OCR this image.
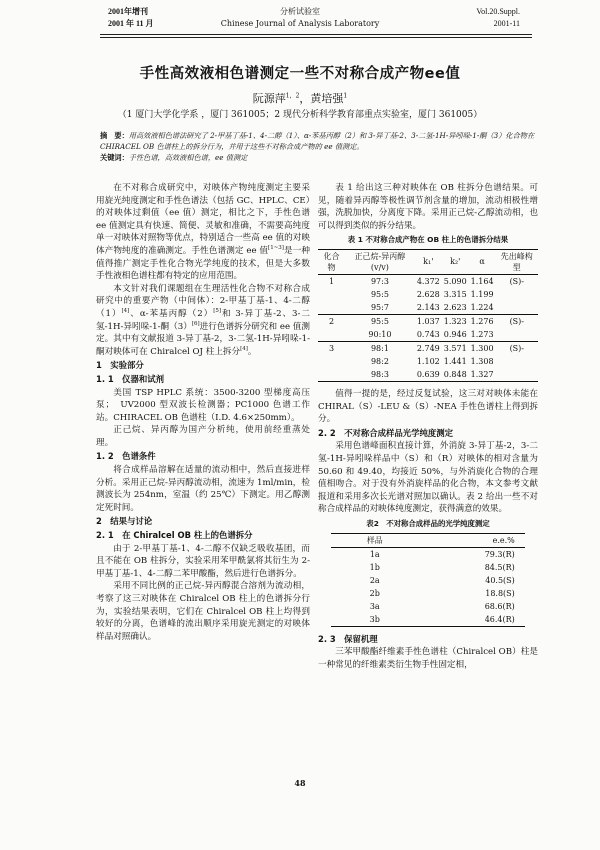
2001年增刊
2001 年 11 月
分析试验室
Chinese Journal of Analysis Laboratory
Vol.20.Suppl.
2001-11
手性高效液相色谱测定一些不对称合成产物ee值
阮源萍$^{1,2}$，黄培强$^1$
（1 厦门大学化学系 ，厦门 361005；2 现代分析科学教育部重点实验室，厦门 361005）
摘　要：用高效液相色谱法研究了 2-甲基丁基-1、4-二醇（1）、α-苯基丙醇（2）和 3-异丁基-2、3-二氢-1H-异吲哚-1-酮（3）化合物在 CHIRACEL OB 色谱柱上的拆分行为，并用于这些不对称合成产物的 ee 值测定。
关键词：手性色谱，高效液相色谱，ee 值测定

在不对称合成研究中，对映体产物纯度测定主要采用旋光纯度测定和手性色谱法（包括 GC、HPLC、CE）的对映体过剩值（ee 值）测定，相比之下，手性色谱 ee 值测定具有快速、简便、灵敏和准确，不需要高纯度单一对映体对照物等优点，特别适合一些高 ee 值的对映体产物纯度的准确测定。手性色谱测定 ee 值[1~3]是一种值得推广测定手性化合物光学纯度的技术，但是大多数手性液相色谱柱都有特定的应用范围。

本文针对我们课题组在生理活性化合物不对称合成研究中的重要产物（中间体）：2-甲基丁基-1、4-二醇（1）[4]、α-苯基丙醇（2）[5]和 3-异丁基-2、3-二氢-1H-异吲哚-1-酮（3）[6]进行色谱拆分研究和 ee 值测定。其中有文献报道 3-异丁基-2，3-二氢-1H-异吲哚-1-酮对映体可在 Chiralcel OJ 柱上拆分[4]。

1　实验部分

1. 1　仪器和试剂

美国 TSP HPLC 系统：3500-3200 型梯度高压泵；　UV2000 型双波长检测器；PC1000 色谱工作站。CHIRACEL OB 色谱柱（I.D. 4.6×250mm）。

正己烷、异丙醇为国产分析纯，使用前经重蒸处理。

1. 2　色谱条件

将合成样品溶解在适量的流动相中，然后直接进样分析。采用正己烷-异丙醇流动相，流速为 1ml/min，检测波长为 254nm，室温（约 25℃）下测定。用乙醇测定死时间。

2　结果与讨论

2. 1　在 Chiralcel OB 柱上的色谱拆分

由于 2-甲基丁基-1、4-二醇不仅缺乏吸收基团，而且不能在 OB 柱拆分，实验采用苯甲酰氯将其衍生为 2-甲基丁基-1、4-二醇二苯甲酸酯，然后进行色谱拆分。

采用不同比例的正己烷-异丙醇混合溶剂为流动相，考察了这三对映体在 Chiralcel OB 柱上的色谱拆分行为，实验结果表明，它们在 Chiralcel OB 柱上均得到较好的分离，色谱峰的流出顺序采用旋光测定的对映体样品对照确认。

表 1 给出这三种对映体在 OB 柱拆分色谱结果。可见，随着异丙醇等极性调节剂含量的增加，流动相极性增强，洗脱加快，分离度下降。采用正己烷-乙醇流动相，也可以得到类似的拆分结果。

表 1 不对称合成产物在 OB 柱上的色谱拆分结果
化合物	正己烷-异丙醇(v/v)	k₁'	k₂'	α	先出峰构型
1	97:3	4.372	5.090	1.164	(S)-
	95:5	2.628	3.315	1.199	
	95:7	2.143	2.623	1.224	
2	95:5	1.037	1.323	1.276	(S)-
	90:10	0.743	0.946	1.273	
3	98:1	2.749	3.571	1.300	(S)-
	98:2	1.102	1.441	1.308	
	98:3	0.639	0.848	1.327	

值得一提的是，经过反复试验，这三对对映体未能在 CHIRAL（S）-LEU &（S）-NEA 手性色谱柱上得到拆分。

2. 2　不对称合成样品光学纯度测定

采用色谱峰面积直接计算，外消旋 3-异丁基-2，3-二氢-1H-异吲哚样品中（S）和（R）对映体的相对含量为 50.60 和 49.40，均接近 50%，与外消旋化合物的合理值相吻合。对于没有外消旋样品的化合物，本文参考文献报道和采用多次长光谱对照加以确认。表 2 给出一些不对称合成样品的对映体纯度测定，获得满意的效果。

表2　不对称合成样品的光学纯度测定
样品	e.e.%
1a	79.3(R)
1b	84.5(R)
2a	40.5(S)
2b	18.8(S)
3a	68.6(R)
3b	46.4(R)

2. 3　保留机理

三苯甲酸酯纤维素手性色谱柱（Chiralcel OB）柱是一种常见的纤维素类衍生物手性固定相，

48
